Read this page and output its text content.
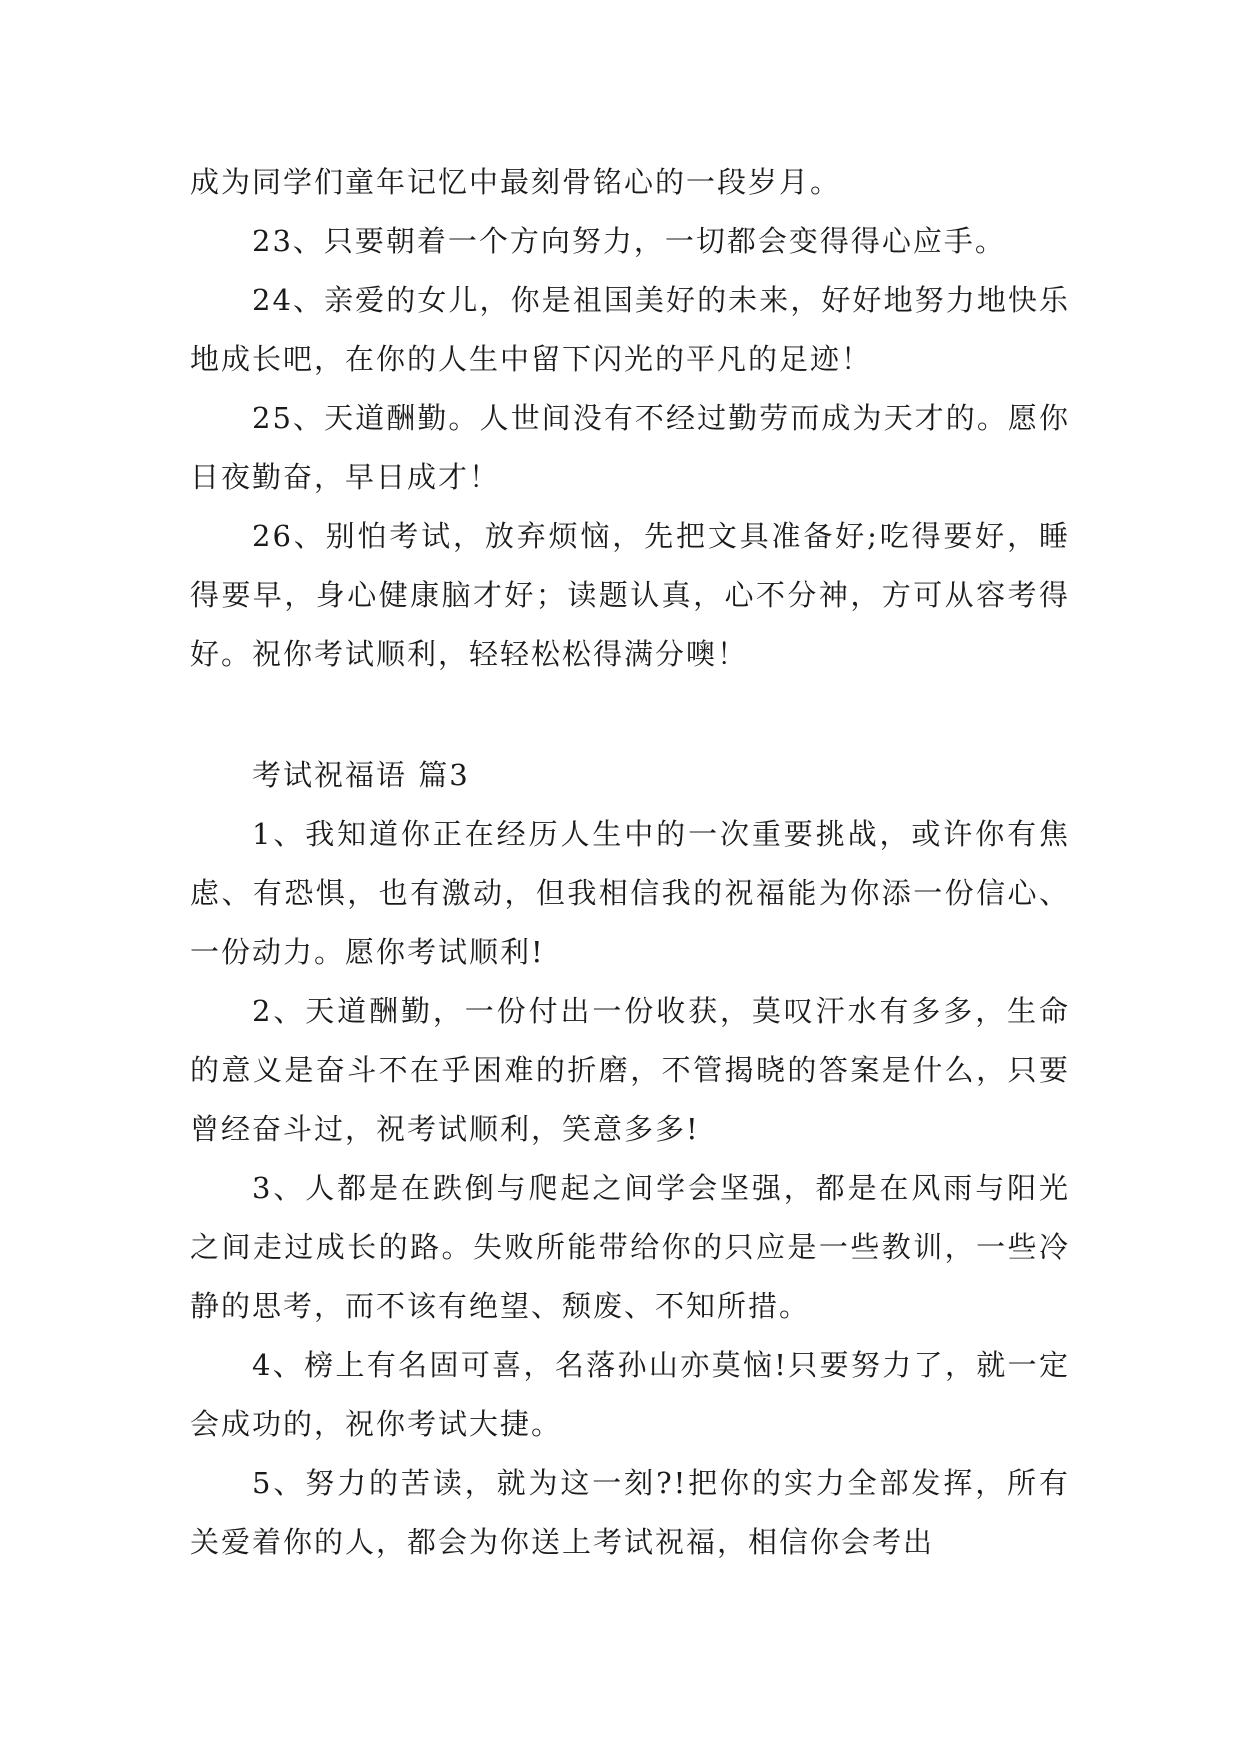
成为同学们童年记忆中最刻骨铭心的一段岁月。

23、只要朝着一个方向努力，一切都会变得得心应手。

24、亲爱的女儿，你是祖国美好的未来，好好地努力地快乐地成长吧，在你的人生中留下闪光的平凡的足迹！

25、天道酬勤。人世间没有不经过勤劳而成为天才的。愿你日夜勤奋，早日成才！

26、别怕考试，放弃烦恼，先把文具准备好;吃得要好，睡得要早，身心健康脑才好；读题认真，心不分神，方可从容考得好。祝你考试顺利，轻轻松松得满分噢！

考试祝福语 篇3

1、我知道你正在经历人生中的一次重要挑战，或许你有焦虑、有恐惧，也有激动，但我相信我的祝福能为你添一份信心、一份动力。愿你考试顺利!

2、天道酬勤，一份付出一份收获，莫叹汗水有多多，生命的意义是奋斗不在乎困难的折磨，不管揭晓的答案是什么，只要曾经奋斗过，祝考试顺利，笑意多多!

3、人都是在跌倒与爬起之间学会坚强，都是在风雨与阳光之间走过成长的路。失败所能带给你的只应是一些教训，一些冷静的思考，而不该有绝望、颓废、不知所措。

4、榜上有名固可喜，名落孙山亦莫恼!只要努力了，就一定会成功的，祝你考试大捷。

5、努力的苦读，就为这一刻?!把你的实力全部发挥，所有关爱着你的人，都会为你送上考试祝福，相信你会考出
